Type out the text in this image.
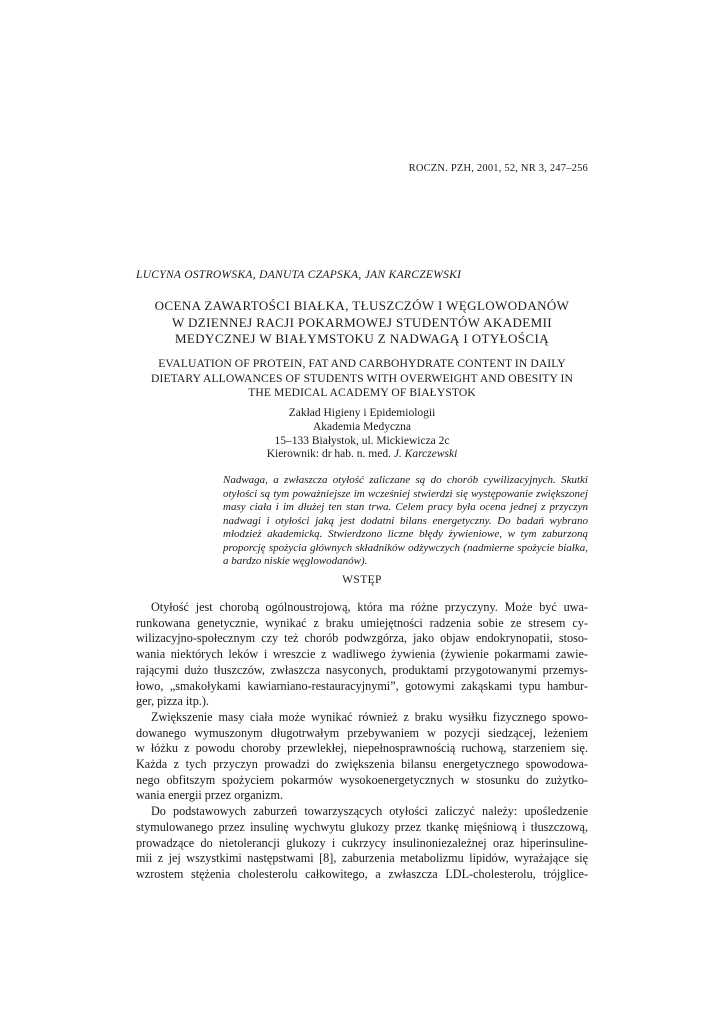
ROCZN. PZH, 2001, 52, NR 3, 247–256
LUCYNA OSTROWSKA, DANUTA CZAPSKA, JAN KARCZEWSKI
OCENA ZAWARTOŚCI BIAŁKA, TŁUSZCZÓW I WĘGLOWODANÓW
W DZIENNEJ RACJI POKARMOWEJ STUDENTÓW AKADEMII
MEDYCZNEJ W BIAŁYMSTOKU Z NADWAGĄ I OTYŁOŚCIĄ
EVALUATION OF PROTEIN, FAT AND CARBOHYDRATE CONTENT IN DAILY
DIETARY ALLOWANCES OF STUDENTS WITH OVERWEIGHT AND OBESITY IN
THE MEDICAL ACADEMY OF BIAŁYSTOK
Zakład Higieny i Epidemiologii
Akademia Medyczna
15–133 Białystok, ul. Mickiewicza 2c
Kierownik: dr hab. n. med. J. Karczewski
Nadwaga, a zwłaszcza otyłość zaliczane są do chorób cywilizacyjnych. Skutki
otyłości są tym poważniejsze im wcześniej stwierdzi się występowanie zwiększonej
masy ciała i im dłużej ten stan trwa. Celem pracy była ocena jednej z przyczyn
nadwagi i otyłości jaką jest dodatni bilans energetyczny. Do badań wybrano
młodzież akademicką. Stwierdzono liczne błędy żywieniowe, w tym zaburzoną
proporcję spożycia głównych składników odżywczych (nadmierne spożycie białka,
a bardzo niskie węglowodanów).
WSTĘP

Otyłość jest chorobą ogólnoustrojową, która ma różne przyczyny. Może być uwa-
runkowana genetycznie, wynikać z braku umiejętności radzenia sobie ze stresem cy-
wilizacyjno-społecznym czy też chorób podwzgórza, jako objaw endokrynopatii, stoso-
wania niektórych leków i wreszcie z wadliwego żywienia (żywienie pokarmami zawie-
rającymi dużo tłuszczów, zwłaszcza nasyconych, produktami przygotowanymi przemys-
łowo, „smakołykami kawiarniano-restauracyjnymi”, gotowymi zakąskami typu hambur-
ger, pizza itp.).

Zwiększenie masy ciała może wynikać również z braku wysiłku fizycznego spowo-
dowanego wymuszonym długotrwałym przebywaniem w pozycji siedzącej, leżeniem
w łóżku z powodu choroby przewlekłej, niepełnosprawnością ruchową, starzeniem się.
Każda z tych przyczyn prowadzi do zwiększenia bilansu energetycznego spowodowa-
nego obfitszym spożyciem pokarmów wysokoenergetycznych w stosunku do zużytko-
wania energii przez organizm.

Do podstawowych zaburzeń towarzyszących otyłości zaliczyć należy: upośledzenie
stymulowanego przez insulinę wychwytu glukozy przez tkankę mięśniową i tłuszczową,
prowadzące do nietolerancji glukozy i cukrzycy insulinoniezależnej oraz hiperinsuline-
mii z jej wszystkimi następstwami [8], zaburzenia metabolizmu lipidów, wyrażające się
wzrostem stężenia cholesterolu całkowitego, a zwłaszcza LDL-cholesterolu, trójglice-
